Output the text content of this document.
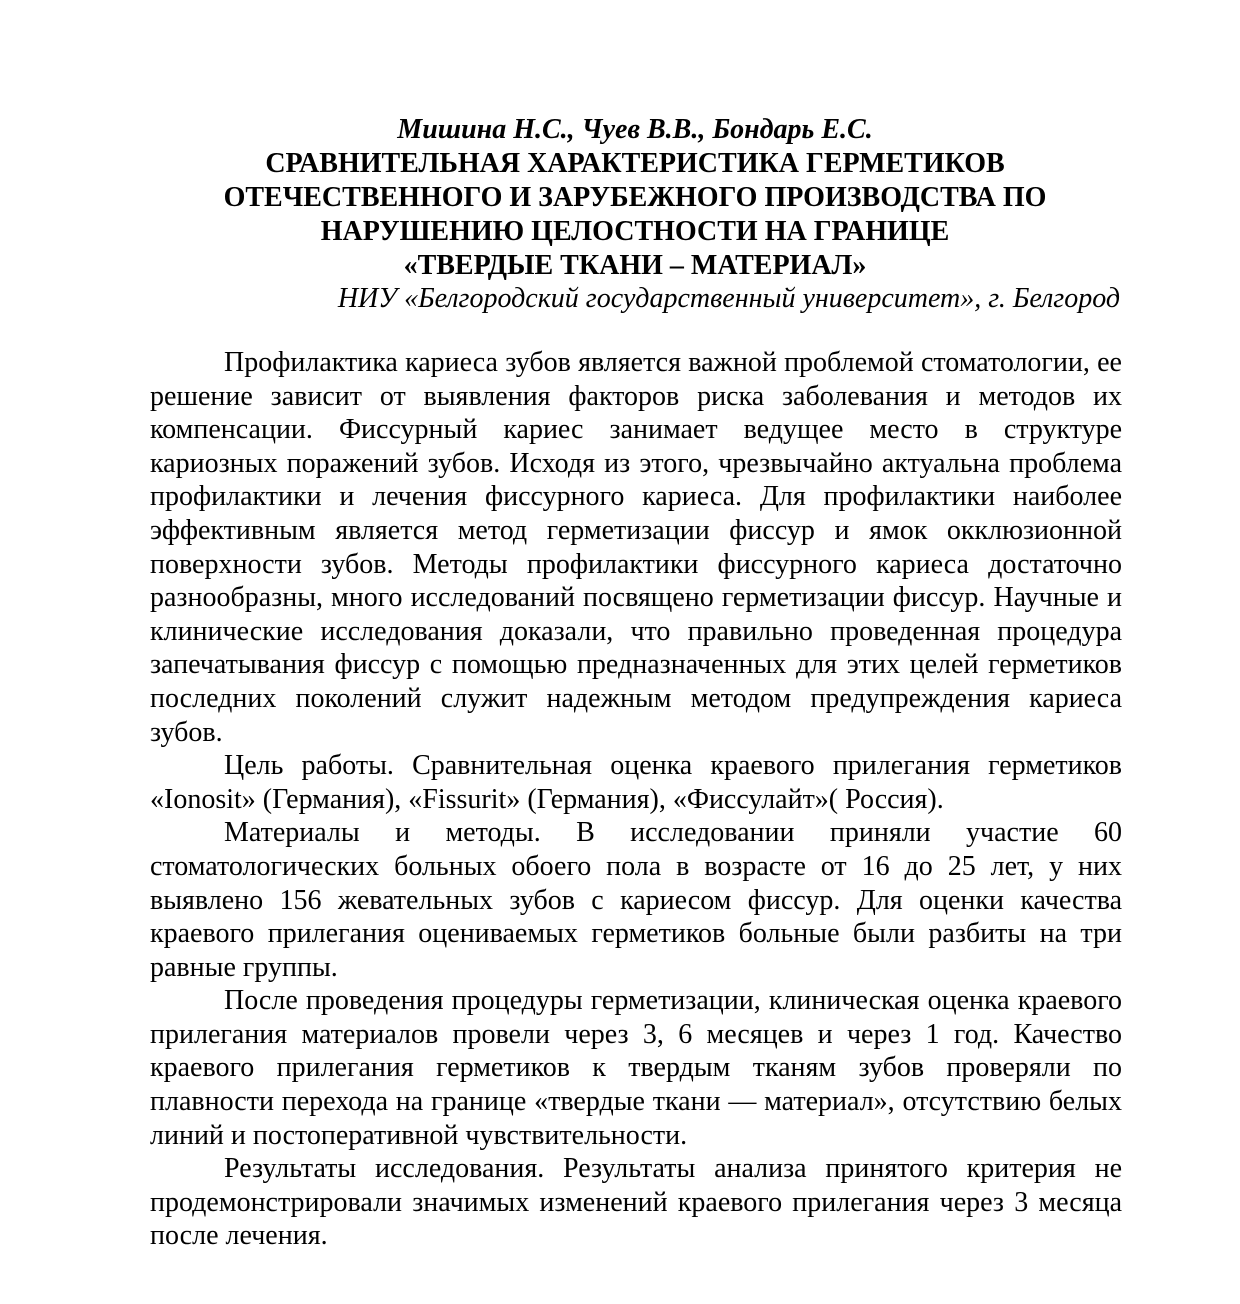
Мишина Н.С., Чуев В.В., Бондарь Е.С.

СРАВНИТЕЛЬНАЯ ХАРАКТЕРИСТИКА ГЕРМЕТИКОВ
ОТЕЧЕСТВЕННОГО И ЗАРУБЕЖНОГО ПРОИЗВОДСТВА ПО
НАРУШЕНИЮ ЦЕЛОСТНОСТИ НА ГРАНИЦЕ
«ТВЕРДЫЕ ТКАНИ – МАТЕРИАЛ»

НИУ «Белгородский государственный университет», г. Белгород

Профилактика кариеса зубов является важной проблемой стоматологии, ее решение зависит от выявления факторов риска заболевания и методов их компенсации. Фиссурный кариес занимает ведущее место в структуре кариозных поражений зубов. Исходя из этого, чрезвычайно актуальна проблема профилактики и лечения фиссурного кариеса. Для профилактики наиболее эффективным является метод герметизации фиссур и ямок окклюзионной поверхности зубов. Методы профилактики фиссурного кариеса достаточно разнообразны, много исследований посвящено герметизации фиссур. Научные и клинические исследования доказали, что правильно проведенная процедура запечатывания фиссур с помощью предназначенных для этих целей герметиков последних поколений служит надежным методом предупреждения кариеса зубов.

Цель работы. Сравнительная оценка краевого прилегания герметиков «Ionosit» (Германия), «Fissurit» (Германия), «Фиссулайт»( Россия).

Материалы и методы. В исследовании приняли участие 60 стоматологических больных обоего пола в возрасте от 16 до 25 лет, у них выявлено 156 жевательных зубов с кариесом фиссур. Для оценки качества краевого прилегания оцениваемых герметиков больные были разбиты на три равные группы.

После проведения процедуры герметизации, клиническая оценка краевого прилегания материалов провели через 3, 6 месяцев и через 1 год. Качество краевого прилегания герметиков к твердым тканям зубов проверяли по плавности перехода на границе «твердые ткани — материал», отсутствию белых линий и постоперативной чувствительности.

Результаты исследования. Результаты анализа принятого критерия не продемонстрировали значимых изменений краевого прилегания через 3 месяца после лечения.
